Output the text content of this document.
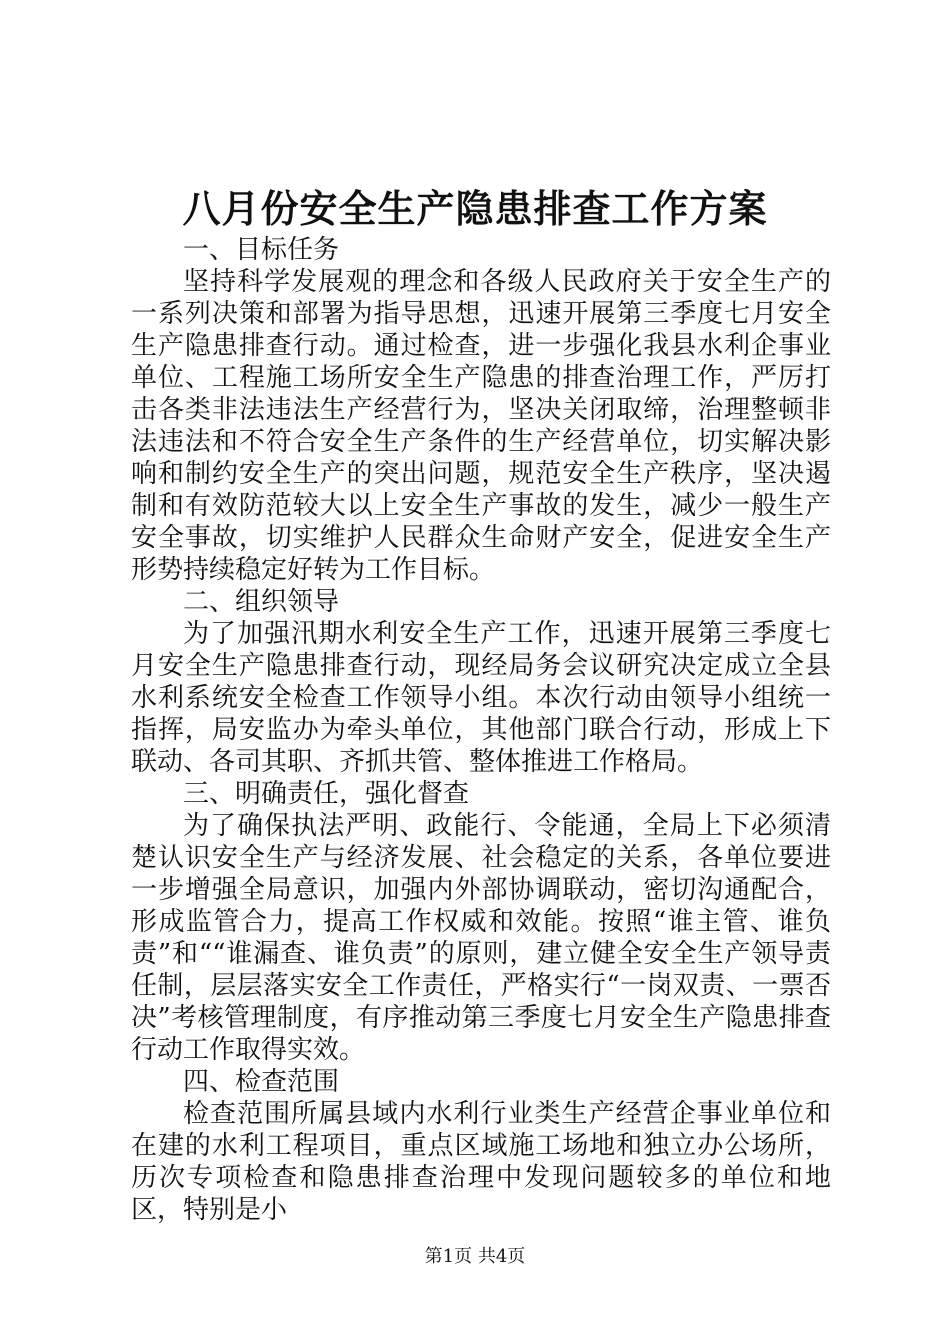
八月份安全生产隐患排查工作方案

一、目标任务

坚持科学发展观的理念和各级人民政府关于安全生产的一系列决策和部署为指导思想，迅速开展第三季度七月安全生产隐患排查行动。通过检查，进一步强化我县水利企事业单位、工程施工场所安全生产隐患的排查治理工作，严厉打击各类非法违法生产经营行为，坚决关闭取缔，治理整顿非法违法和不符合安全生产条件的生产经营单位，切实解决影响和制约安全生产的突出问题，规范安全生产秩序，坚决遏制和有效防范较大以上安全生产事故的发生，减少一般生产安全事故，切实维护人民群众生命财产安全，促进安全生产形势持续稳定好转为工作目标。

二、组织领导

为了加强汛期水利安全生产工作，迅速开展第三季度七月安全生产隐患排查行动，现经局务会议研究决定成立全县水利系统安全检查工作领导小组。本次行动由领导小组统一指挥，局安监办为牵头单位，其他部门联合行动，形成上下联动、各司其职、齐抓共管、整体推进工作格局。

三、明确责任，强化督查

为了确保执法严明、政能行、令能通，全局上下必须清楚认识安全生产与经济发展、社会稳定的关系，各单位要进一步增强全局意识，加强内外部协调联动，密切沟通配合，形成监管合力，提高工作权威和效能。按照“谁主管、谁负责”和““谁漏查、谁负责”的原则，建立健全安全生产领导责任制，层层落实安全工作责任，严格实行“一岗双责、一票否决”考核管理制度，有序推动第三季度七月安全生产隐患排查行动工作取得实效。

四、检查范围

检查范围所属县域内水利行业类生产经营企事业单位和在建的水利工程项目，重点区域施工场地和独立办公场所，历次专项检查和隐患排查治理中发现问题较多的单位和地区，特别是小

第1页 共4页
